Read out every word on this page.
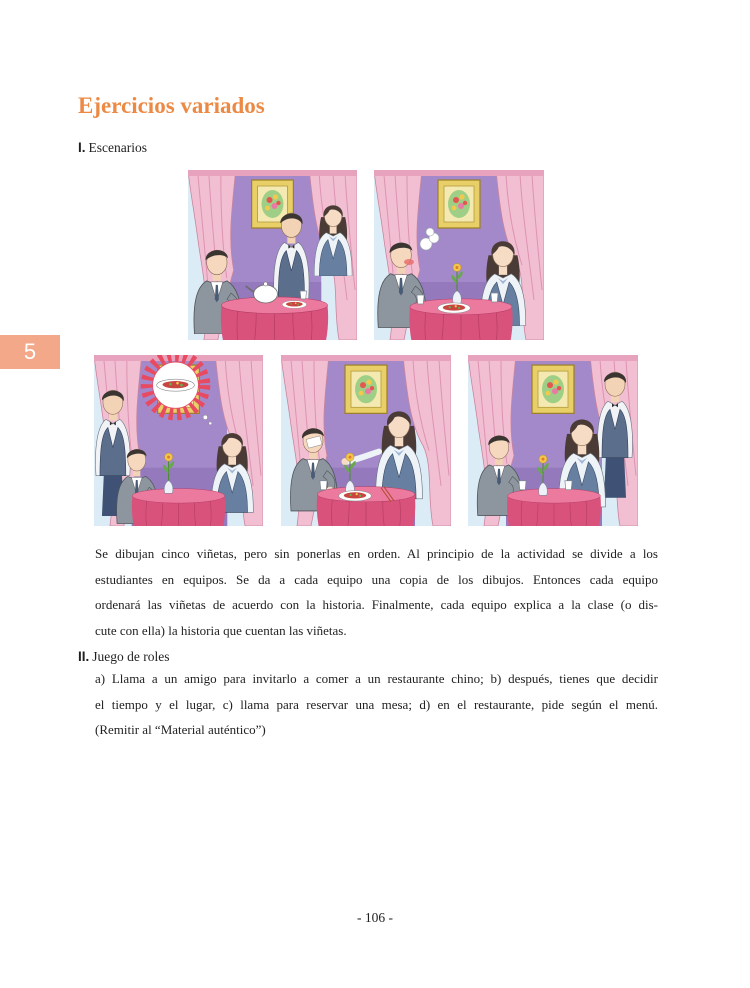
Ejercicios variados
I. Escenarios
5
Se dibujan cinco viñetas, pero sin ponerlas en orden. Al principio de la actividad se divide a los
estudiantes en equipos. Se da a cada equipo una copia de los dibujos. Entonces cada equipo
ordenará las viñetas de acuerdo con la historia. Finalmente, cada equipo explica a la clase (o dis-
cute con ella) la historia que cuentan las viñetas.
II. Juego de roles
a) Llama a un amigo para invitarlo a comer a un restaurante chino; b) después, tienes que decidir
el tiempo y el lugar, c) llama para reservar una mesa; d) en el restaurante, pide según el menú.
(Remitir al “Material auténtico”)
- 106 -
